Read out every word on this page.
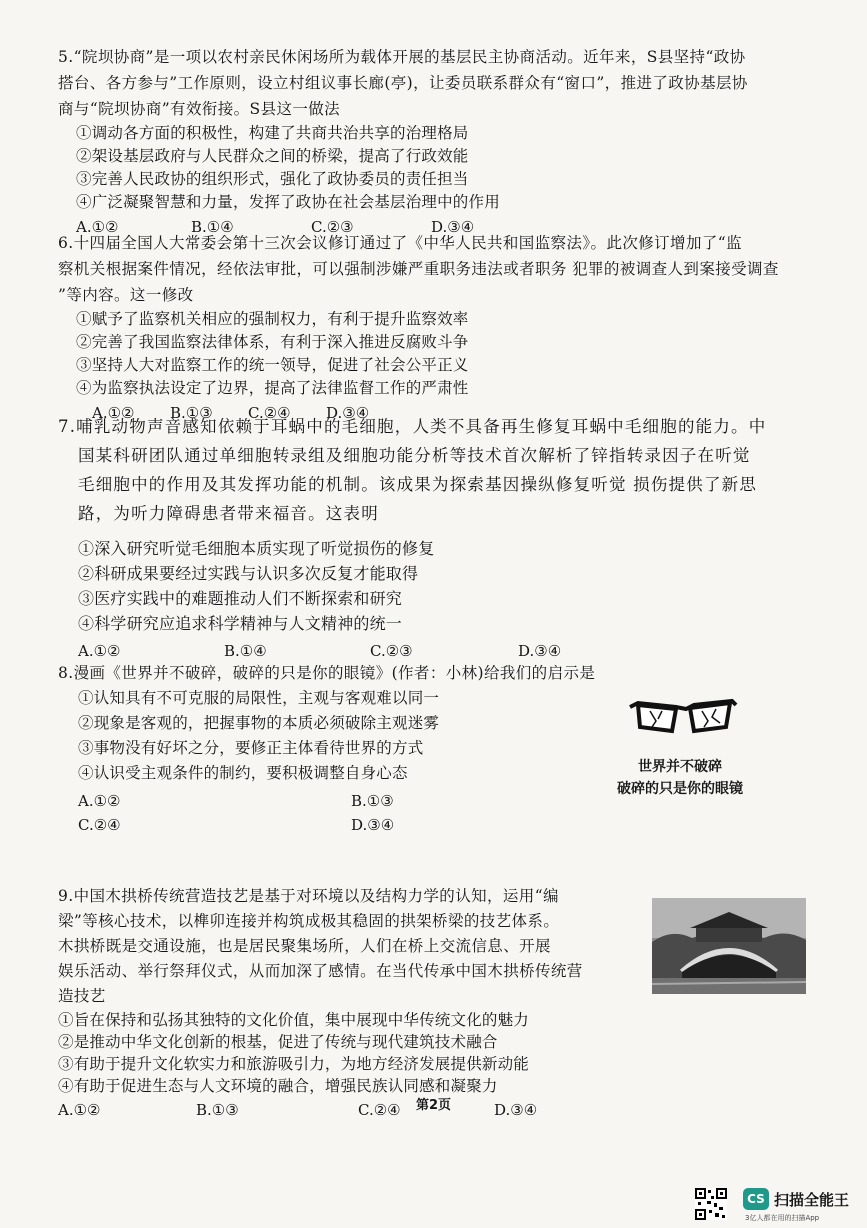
5.“院坝协商”是一项以农村亲民休闲场所为载体开展的基层民主协商活动。近年来，S县坚持“政协

搭台、各方参与”工作原则，设立村组议事长廊(亭)，让委员联系群众有“窗口”，推进了政协基层协

商与“院坝协商”有效衔接。S县这一做法

①调动各方面的积极性，构建了共商共治共享的治理格局

②架设基层政府与人民群众之间的桥梁，提高了行政效能

③完善人民政协的组织形式，强化了政协委员的责任担当

④广泛凝聚智慧和力量，发挥了政协在社会基层治理中的作用

A.①②	B.①④	C.②③	D.③④

6.十四届全国人大常委会第十三次会议修订通过了《中华人民共和国监察法》。此次修订增加了“监

察机关根据案件情况，经依法审批，可以强制涉嫌严重职务违法或者职务 犯罪的被调查人到案接受调查

”等内容。这一修改

①赋予了监察机关相应的强制权力，有利于提升监察效率

②完善了我国监察法律体系，有利于深入推进反腐败斗争

③坚持人大对监察工作的统一领导，促进了社会公平正义

④为监察执法设定了边界，提高了法律监督工作的严肃性

A.①②	B.①③	C.②④	D.③④

7.哺乳动物声音感知依赖于耳蜗中的毛细胞，人类不具备再生修复耳蜗中毛细胞的能力。中

国某科研团队通过单细胞转录组及细胞功能分析等技术首次解析了锌指转录因子在听觉

毛细胞中的作用及其发挥功能的机制。该成果为探索基因操纵修复听觉 损伤提供了新思

路，为听力障碍患者带来福音。这表明

①深入研究听觉毛细胞本质实现了听觉损伤的修复

②科研成果要经过实践与认识多次反复才能取得

③医疗实践中的难题推动人们不断探索和研究

④科学研究应追求科学精神与人文精神的统一

A.①②	B.①④	C.②③	D.③④

8.漫画《世界并不破碎，破碎的只是你的眼镜》(作者：小林)给我们的启示是

①认知具有不可克服的局限性，主观与客观难以同一

②现象是客观的，把握事物的本质必须破除主观迷雾

③事物没有好坏之分，要修正主体看待世界的方式

④认识受主观条件的制约，要积极调整自身心态

A.①②	B.①③
C.②④	D.③④
世界并不破碎
破碎的只是你的眼镜

9.中国木拱桥传统营造技艺是基于对环境以及结构力学的认知，运用“编

梁”等核心技术，以榫卯连接并构筑成极其稳固的拱架桥梁的技艺体系。

木拱桥既是交通设施，也是居民聚集场所，人们在桥上交流信息、开展

娱乐活动、举行祭拜仪式，从而加深了感情。在当代传承中国木拱桥传统营

造技艺

①旨在保持和弘扬其独特的文化价值，集中展现中华传统文化的魅力

②是推动中华文化创新的根基，促进了传统与现代建筑技术融合

③有助于提升文化软实力和旅游吸引力，为地方经济发展提供新动能

④有助于促进生态与人文环境的融合，增强民族认同感和凝聚力

A.①②	B.①③	C.②④	D.③④
第2页
CS 扫描全能王
3亿人都在用的扫描App
